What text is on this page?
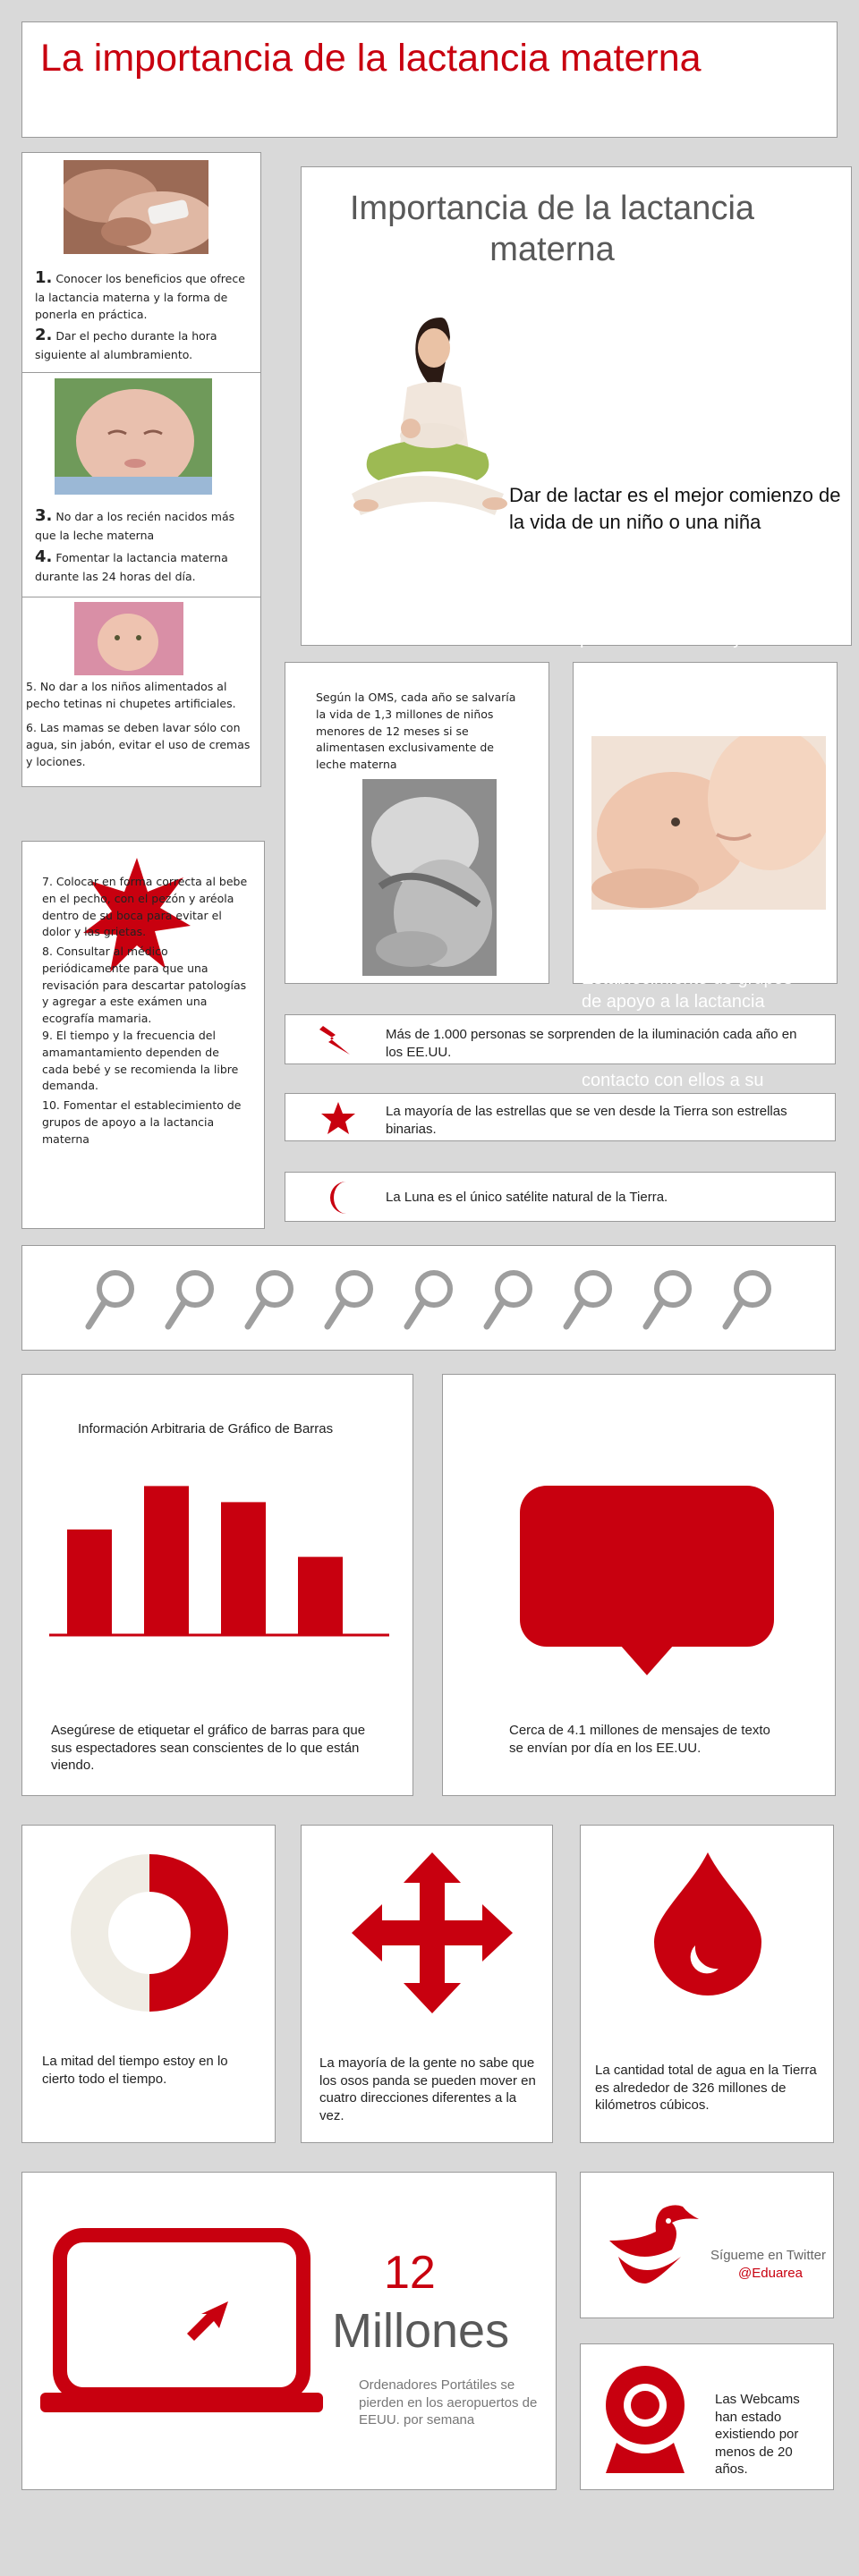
La importancia de la lactancia materna
1. Conocer los beneficios que ofrece la lactancia materna y la forma de ponerla en práctica.
2. Dar el pecho durante la hora siguiente al alumbramiento.
3. No dar a los recién nacidos más que la leche materna
4. Fomentar la lactancia materna durante las 24 horas del día.
5. No dar a los niños alimentados al pecho tetinas ni chupetes artificiales.
6. Las mamas se deben lavar sólo con agua, sin jabón, evitar el uso de cremas y lociones.
Importancia de la lactancia materna
Dar de lactar es el mejor comienzo de la vida de un niño o una niña
para evitar el dolor y las
Según la OMS, cada año se salvaría la vida de 1,3 millones de niños menores de 12 meses si se alimentasen exclusivamente de leche materna
Establecimiento de grupos
de apoyo a la lactancia
7. Colocar en forma correcta al bebe en el pecho, con el pezón y aréola dentro de su boca para evitar el dolor y las grietas.
8. Consultar al médico periódicamente para que una revisación para descartar patologías y agregar a este exámen una ecografía mamaria.
9. El tiempo y la frecuencia del amamantamiento dependen de cada bebé y se recomienda la libre demanda.
10. Fomentar el establecimiento de grupos de apoyo a la lactancia materna
Más de 1.000 personas se sorprenden de la iluminación cada año en los EE.UU.
contacto con ellos a su
La mayoría de las estrellas que se ven desde la Tierra son estrellas binarias.
La Luna es el único satélite natural de la Tierra.
Información Arbitraria de Gráfico de Barras
Asegúrese de etiquetar el gráfico de barras para que sus espectadores sean conscientes de lo que están viendo.
Cerca de 4.1 millones de mensajes de texto se envían por día en los EE.UU.
La mitad del tiempo estoy en lo cierto todo el tiempo.
La mayoría de la gente no sabe que los osos panda se pueden mover en cuatro direcciones diferentes a la vez.
La cantidad total de agua en la Tierra es alrededor de 326 millones de kilómetros cúbicos.
12
Millones
Ordenadores Portátiles se pierden en los aeropuertos de EEUU. por semana
Sígueme en Twitter
@Eduarea
Las Webcams han estado existiendo por menos de 20 años.
